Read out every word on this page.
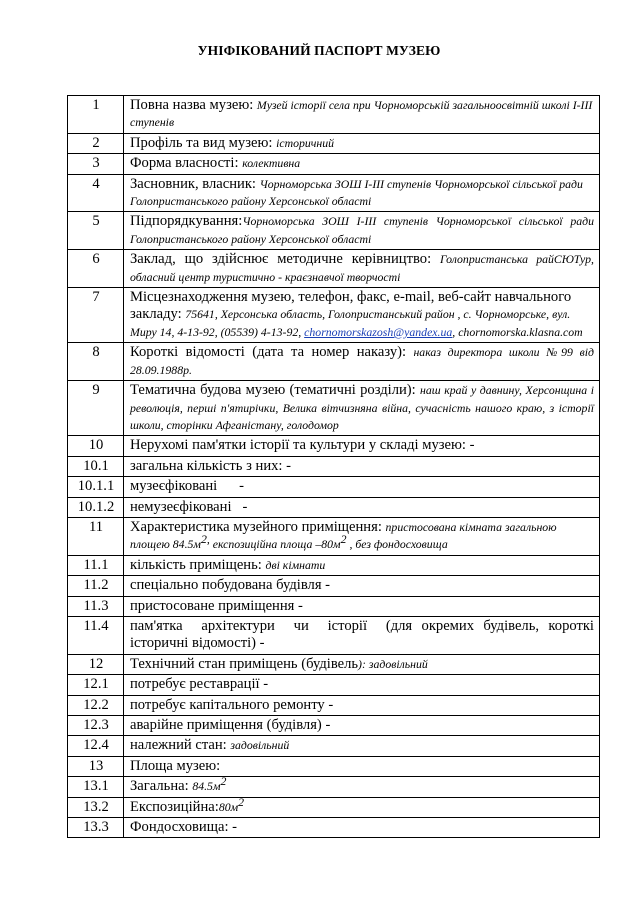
УНІФІКОВАНИЙ ПАСПОРТ МУЗЕЮ
1	Повна назва музею: Музей історії села при Чорноморській загальноосвітній школі І-ІІІ ступенів
2	Профіль та вид музею: історичний
3	Форма власності: колективна
4	Засновник, власник: Чорноморська ЗОШ І-ІІІ ступенів Чорноморської сільської ради Голопристанського району Херсонської області
5	Підпорядкування:Чорноморська ЗОШ І-ІІІ ступенів Чорноморської сільської ради Голопристанського району Херсонської області
6	Заклад, що здійснює методичне керівництво: Голопристанська райСЮТур, обласний центр туристично - краєзнавчої творчості
7	Місцезнаходження музею, телефон, факс, e-mail, веб-сайт навчального закладу: 75641, Херсонська область, Голопристанський район , с. Чорноморське, вул. Миру 14, 4-13-92, (05539) 4-13-92, chornomorskazosh@yandex.ua, chornomorska.klasna.com
8	Короткі відомості (дата та номер наказу): наказ директора школи №99 від 28.09.1988р.
9	Тематична будова музею (тематичні розділи): наш край у давнину, Херсонщина і революція, перші п'ятирічки, Велика вітчизняна війна, сучасність нашого краю, з історії школи, сторінки Афганістану, голодомор
10	Нерухомі пам'ятки історії та культури у складі музею: -
10.1	загальна кількість з них: -
10.1.1	музеєфіковані      -
10.1.2	немузеєфіковані   -
11	Характеристика музейного приміщення: пристосована кімната загальною площею $84.5м^{2,}$ експозиційна площа $-80м^2$ , без фондосховища
11.1	кількість приміщень: дві кімнати
11.2	спеціально побудована будівля -
11.3	пристосоване приміщення -
11.4	пам'ятка  архітектури  чи  історії  (для окремих будівель, короткі  історичні відомості) -
12	Технічний стан приміщень (будівель): задовільний
12.1	потребує реставрації -
12.2	потребує капітального ремонту -
12.3	аварійне приміщення (будівля) -
12.4	належний стан: задовільний
13	Площа музею:
13.1	Загальна: $84.5м^2$
13.2	$Експозиційна:80м^2$
13.3	Фондосховища: -
